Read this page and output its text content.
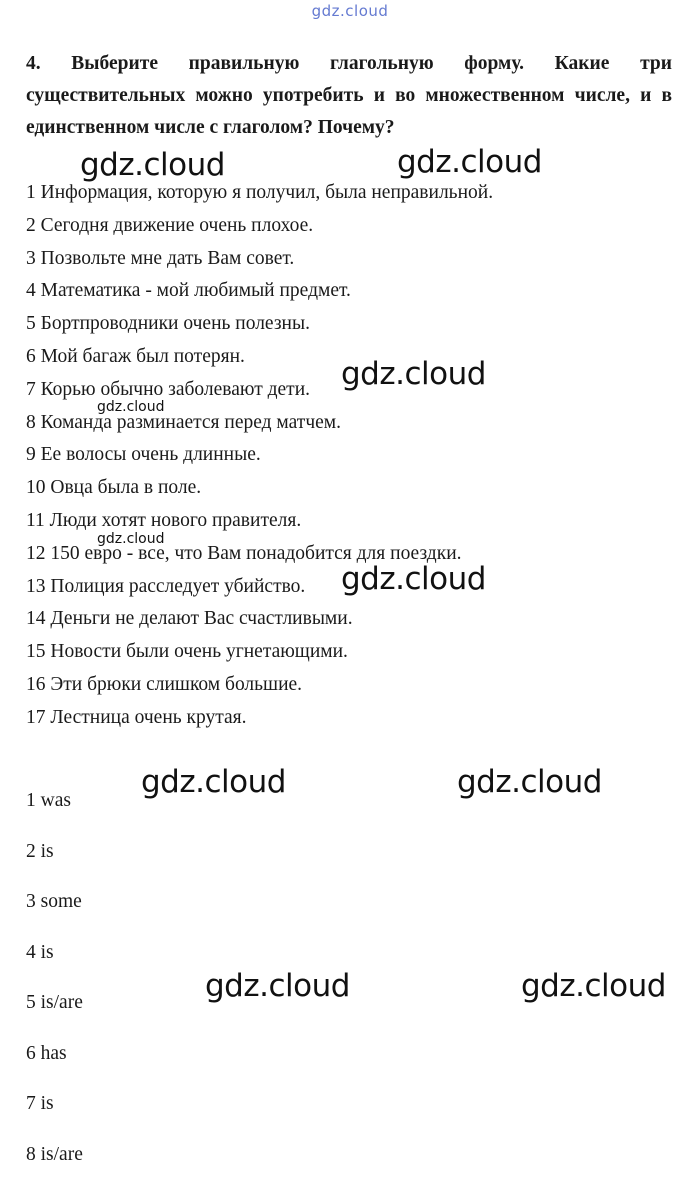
gdz.cloud
4. Выберите правильную глагольную форму. Какие три существительных можно употребить и во множественном числе, и в единственном числе с глаголом? Почему?
1 Информация, которую я получил, была неправильной.
2 Сегодня движение очень плохое.
3 Позвольте мне дать Вам совет.
4 Математика - мой любимый предмет.
5 Бортпроводники очень полезны.
6 Мой багаж был потерян.
7 Корью обычно заболевают дети.
8 Команда разминается перед матчем.
9 Ее волосы очень длинные.
10 Овца была в поле.
11 Люди хотят нового правителя.
12 150 евро - все, что Вам понадобится для поездки.
13 Полиция расследует убийство.
14 Деньги не делают Вас счастливыми.
15 Новости были очень угнетающими.
16 Эти брюки слишком большие.
17 Лестница очень крутая.
1 was
2 is
3 some
4 is
5 is/are
6 has
7 is
8 is/are
gdz.cloud	gdz.cloud
gdz.cloud
gdz.cloud
gdz.cloud
gdz.cloud
gdz.cloud	gdz.cloud
gdz.cloud	gdz.cloud
